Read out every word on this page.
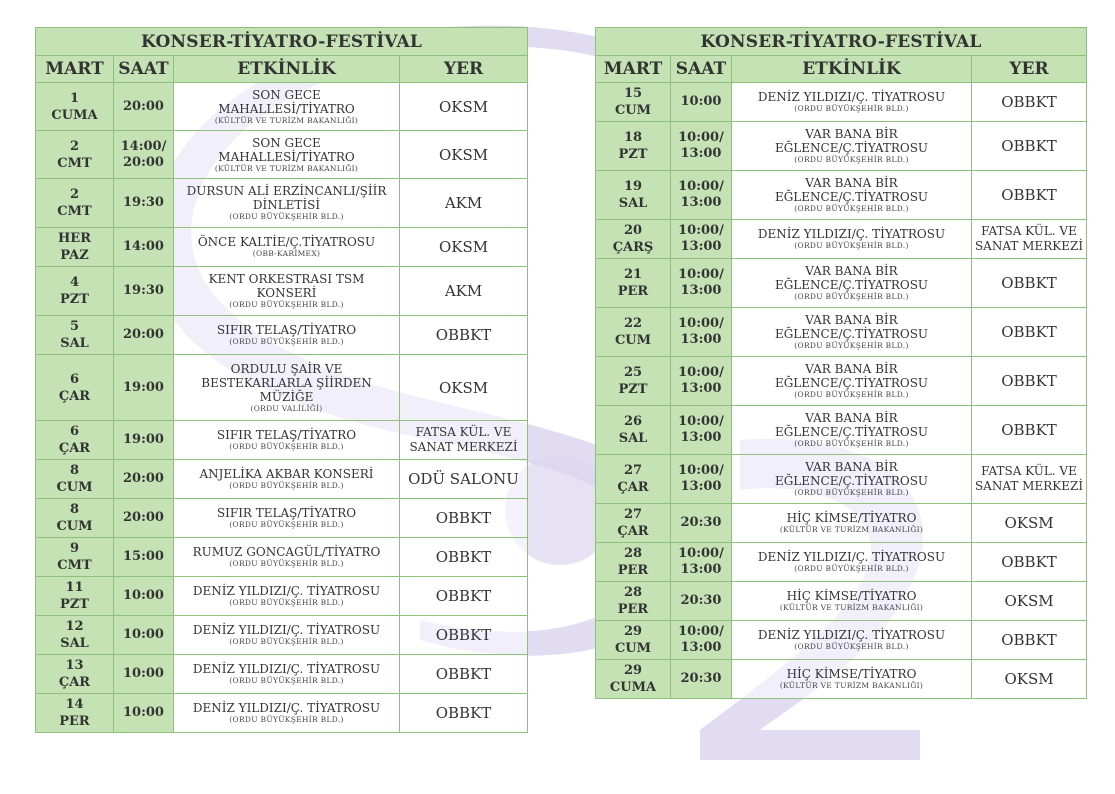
KONSER-TİYATRO-FESTİVAL			
MART	SAAT	ETKİNLİK	YER

1
CUMA	20:00	SON GECE
MAHALLESİ/TİYATRO
(KÜLTÜR VE TURİZM BAKANLIĞI)	OKSM

2
CMT	14:00/
20:00	SON GECE
MAHALLESİ/TİYATRO
(KÜLTÜR VE TURİZM BAKANLIĞI)	OKSM

2
CMT	19:30	DURSUN ALİ ERZİNCANLI/ŞİİR
DİNLETİSİ
(ORDU BÜYÜKŞEHİR BLD.)	AKM

HER
PAZ	14:00	ÖNCE KALTİE/Ç.TİYATROSU
(OBB-KARİMEX)	OKSM

4
PZT	19:30	KENT ORKESTRASI TSM
KONSERİ
(ORDU BÜYÜKŞEHİR BLD.)	AKM

5
SAL	20:00	SIFIR TELAŞ/TİYATRO
(ORDU BÜYÜKŞEHİR BLD.)	OBBKT

6
ÇAR	19:00	ORDULU ŞAİR VE
BESTEKARLARLA ŞİİRDEN
MÜZİĞE
(ORDU VALİLİĞİ)	OKSM

6
ÇAR	19:00	SIFIR TELAŞ/TİYATRO
(ORDU BÜYÜKŞEHİR BLD.)	FATSA KÜL. VE
SANAT MERKEZİ

8
CUM	20:00	ANJELİKA AKBAR KONSERİ
(ORDU BÜYÜKŞEHİR BLD.)	ODÜ SALONU

8
CUM	20:00	SIFIR TELAŞ/TİYATRO
(ORDU BÜYÜKŞEHİR BLD.)	OBBKT

9
CMT	15:00	RUMUZ GONCAGÜL/TİYATRO
(ORDU BÜYÜKŞEHİR BLD.)	OBBKT

11
PZT	10:00	DENİZ YILDIZI/Ç. TİYATROSU
(ORDU BÜYÜKŞEHİR BLD.)	OBBKT

12
SAL	10:00	DENİZ YILDIZI/Ç. TİYATROSU
(ORDU BÜYÜKŞEHİR BLD.)	OBBKT

13
ÇAR	10:00	DENİZ YILDIZI/Ç. TİYATROSU
(ORDU BÜYÜKŞEHİR BLD.)	OBBKT

14
PER	10:00	DENİZ YILDIZI/Ç. TİYATROSU
(ORDU BÜYÜKŞEHİR BLD.)	OBBKT
KONSER-TİYATRO-FESTİVAL			
MART	SAAT	ETKİNLİK	YER

15
CUM	10:00	DENİZ YILDIZI/Ç. TİYATROSU
(ORDU BÜYÜKŞEHİR BLD.)	OBBKT

18
PZT	10:00/
13:00	VAR BANA BİR
EĞLENCE/Ç.TİYATROSU
(ORDU BÜYÜKŞEHİR BLD.)	OBBKT

19
SAL	10:00/
13:00	VAR BANA BİR
EĞLENCE/Ç.TİYATROSU
(ORDU BÜYÜKŞEHİR BLD.)	OBBKT

20
ÇARŞ	10:00/
13:00	DENİZ YILDIZI/Ç. TİYATROSU
(ORDU BÜYÜKŞEHİR BLD.)	FATSA KÜL. VE
SANAT MERKEZİ

21
PER	10:00/
13:00	VAR BANA BİR
EĞLENCE/Ç.TİYATROSU
(ORDU BÜYÜKŞEHİR BLD.)	OBBKT

22
CUM	10:00/
13:00	VAR BANA BİR
EĞLENCE/Ç.TİYATROSU
(ORDU BÜYÜKŞEHİR BLD.)	OBBKT

25
PZT	10:00/
13:00	VAR BANA BİR
EĞLENCE/Ç.TİYATROSU
(ORDU BÜYÜKŞEHİR BLD.)	OBBKT

26
SAL	10:00/
13:00	VAR BANA BİR
EĞLENCE/Ç.TİYATROSU
(ORDU BÜYÜKŞEHİR BLD.)	OBBKT

27
ÇAR	10:00/
13:00	VAR BANA BİR
EĞLENCE/Ç.TİYATROSU
(ORDU BÜYÜKŞEHİR BLD.)	FATSA KÜL. VE
SANAT MERKEZİ

27
ÇAR	20:30	HİÇ KİMSE/TİYATRO
(KÜLTÜR VE TURİZM BAKANLIĞI)	OKSM

28
PER	10:00/
13:00	DENİZ YILDIZI/Ç. TİYATROSU
(ORDU BÜYÜKŞEHİR BLD.)	OBBKT

28
PER	20:30	HİÇ KİMSE/TİYATRO
(KÜLTÜR VE TURİZM BAKANLIĞI)	OKSM

29
CUM	10:00/
13:00	DENİZ YILDIZI/Ç. TİYATROSU
(ORDU BÜYÜKŞEHİR BLD.)	OBBKT

29
CUMA	20:30	HİÇ KİMSE/TİYATRO
(KÜLTÜR VE TURİZM BAKANLIĞI)	OKSM
